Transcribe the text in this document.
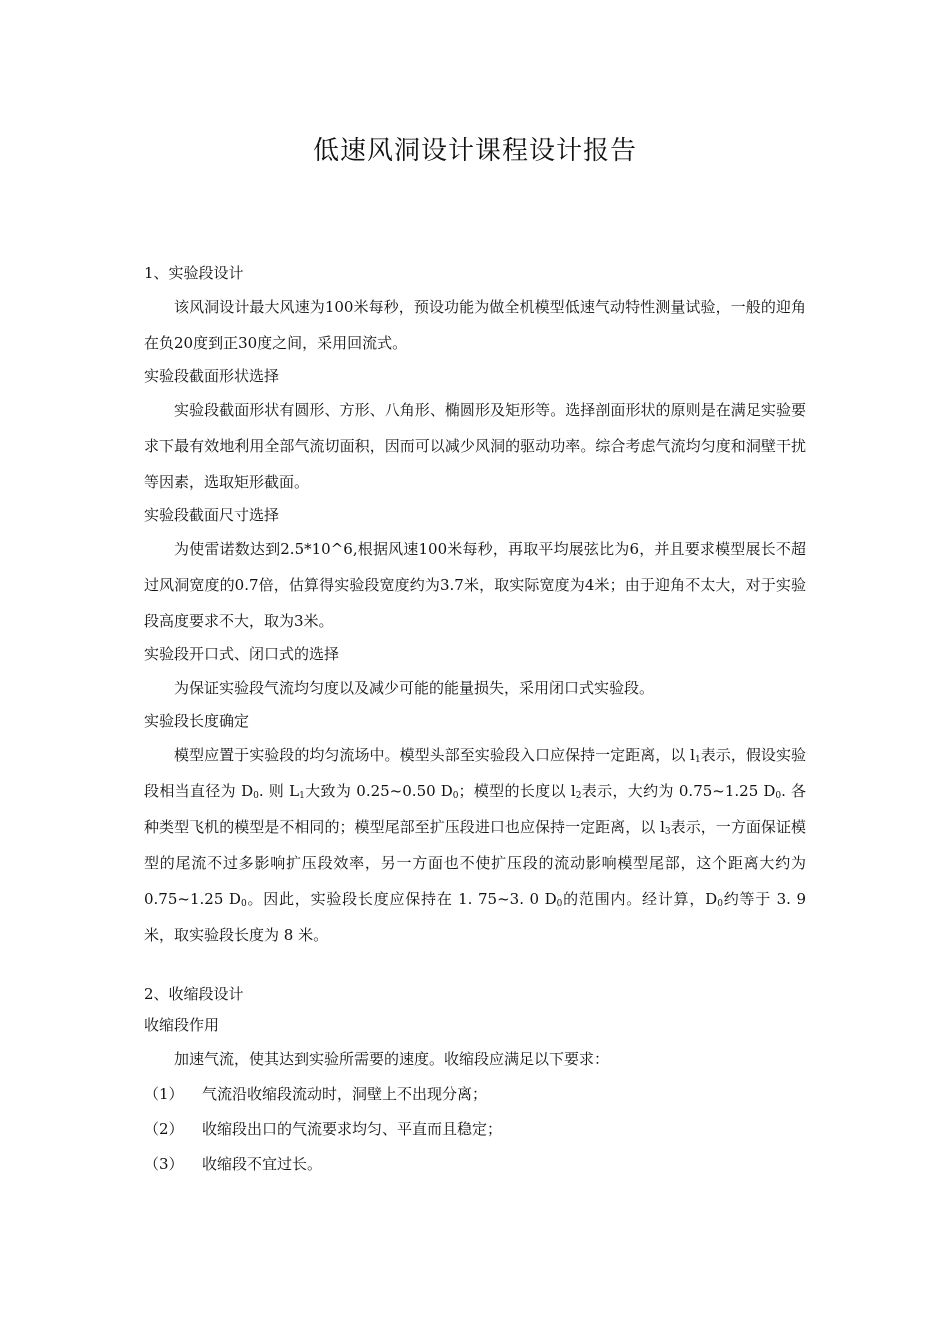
低速风洞设计课程设计报告
1、实验段设计

该风洞设计最大风速为100米每秒，预设功能为做全机模型低速气动特性测量试验，一般的迎角在负20度到正30度之间，采用回流式。

实验段截面形状选择

实验段截面形状有圆形、方形、八角形、椭圆形及矩形等。选择剖面形状的原则是在满足实验要求下最有效地利用全部气流切面积，因而可以减少风洞的驱动功率。综合考虑气流均匀度和洞壁干扰等因素，选取矩形截面。

实验段截面尺寸选择

为使雷诺数达到2.5*10^6,根据风速100米每秒，再取平均展弦比为6，并且要求模型展长不超过风洞宽度的0.7倍，估算得实验段宽度约为3.7米，取实际宽度为4米；由于迎角不太大，对于实验段高度要求不大，取为3米。

实验段开口式、闭口式的选择

为保证实验段气流均匀度以及减少可能的能量损失，采用闭口式实验段。

实验段长度确定

模型应置于实验段的均匀流场中。模型头部至实验段入口应保持一定距离，以 $l_1$表示，假设实验段相当直径为 $D_0$. 则 $L_1$大致为 0.25~0.50 $D_0$；模型的长度以 $l_2$表示，大约为 0.75~1.25 $D_0$. 各种类型飞机的模型是不相同的；模型尾部至扩压段进口也应保持一定距离，以 $l_3$表示，一方面保证模型的尾流不过多影响扩压段效率，另一方面也不使扩压段的流动影响模型尾部，这个距离大约为0.75~1.25 $D_0$。因此，实验段长度应保持在 1. 75~3. 0 $D_0$的范围内。经计算，$D_0$约等于 3. 9 米，取实验段长度为 8 米。

2、收缩段设计
收缩段作用

加速气流，使其达到实验所需要的速度。收缩段应满足以下要求：

（1） 气流沿收缩段流动时，洞壁上不出现分离；
（2） 收缩段出口的气流要求均匀、平直而且稳定；
（3） 收缩段不宜过长。
